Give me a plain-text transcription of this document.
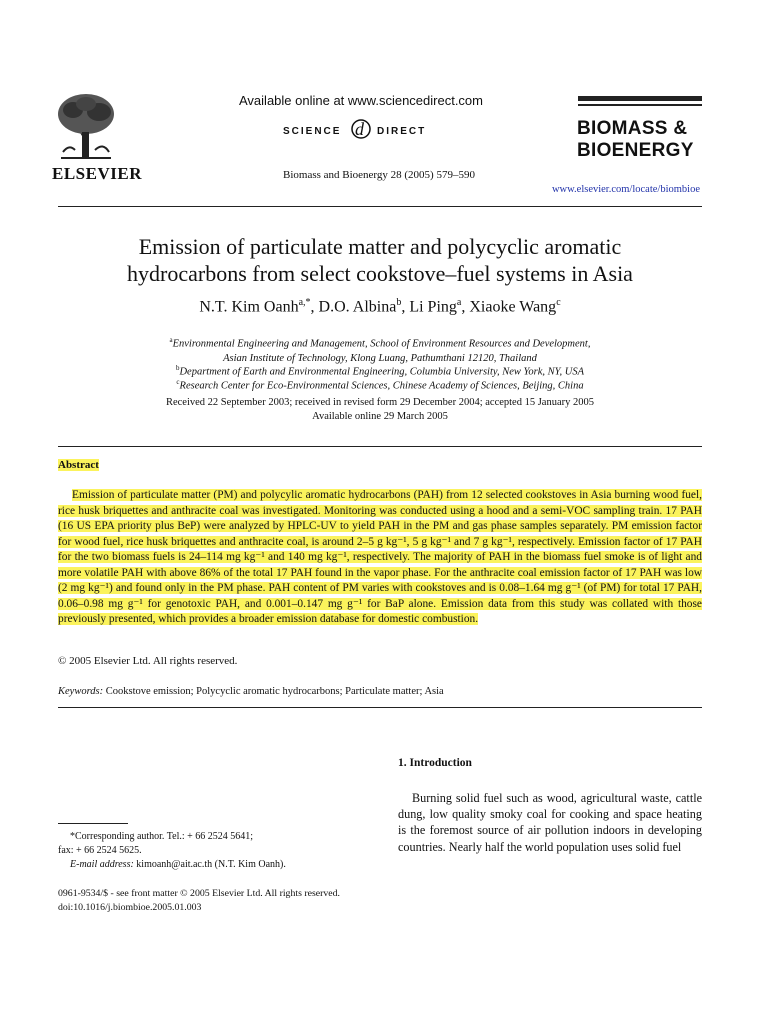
ELSEVIER
Available online at www.sciencedirect.com
SCIENCE d DIRECT
Biomass and Bioenergy 28 (2005) 579–590
BIOMASS &
BIOENERGY
www.elsevier.com/locate/biombioe
Emission of particulate matter and polycyclic aromatic
hydrocarbons from select cookstove–fuel systems in Asia
N.T. Kim Oanh$^{a,*}$, D.O. Albina$^b$, Li Ping$^a$, Xiaoke Wang$^c$
$^a$Environmental Engineering and Management, School of Environment Resources and Development,
Asian Institute of Technology, Klong Luang, Pathumthani 12120, Thailand
$^b$Department of Earth and Environmental Engineering, Columbia University, New York, NY, USA
$^c$Research Center for Eco-Environmental Sciences, Chinese Academy of Sciences, Beijing, China
Received 22 September 2003; received in revised form 29 December 2004; accepted 15 January 2005
Available online 29 March 2005
Abstract

Emission of particulate matter (PM) and polycylic aromatic hydrocarbons (PAH) from 12 selected cookstoves in Asia burning wood fuel, rice husk briquettes and anthracite coal was investigated. Monitoring was conducted using a hood and a semi-VOC sampling train. 17 PAH (16 US EPA priority plus BeP) were analyzed by HPLC-UV to yield PAH in the PM and gas phase samples separately. PM emission factor for wood fuel, rice husk briquettes and anthracite coal, is around 2–5 g kg⁻¹, 5 g kg⁻¹ and 7 g kg⁻¹, respectively. Emission factor of 17 PAH for the two biomass fuels is 24–114 mg kg⁻¹ and 140 mg kg⁻¹, respectively. The majority of PAH in the biomass fuel smoke is of light and more volatile PAH with above 86% of the total 17 PAH found in the vapor phase. For the anthracite coal emission factor of 17 PAH was low (2 mg kg⁻¹) and found only in the PM phase. PAH content of PM varies with cookstoves and is 0.08–1.64 mg g⁻¹ (of PM) for total 17 PAH, 0.06–0.98 mg g⁻¹ for genotoxic PAH, and 0.001–0.147 mg g⁻¹ for BaP alone. Emission data from this study was collated with those previously presented, which provides a broader emission database for domestic combustion.

© 2005 Elsevier Ltd. All rights reserved.
Keywords: Cookstove emission; Polycyclic aromatic hydrocarbons; Particulate matter; Asia
1. Introduction

Burning solid fuel such as wood, agricultural waste, cattle dung, low quality smoky coal for cooking and space heating is the foremost source of air pollution indoors in developing countries. Nearly half the world population uses solid fuel

*Corresponding author. Tel.: + 66 2524 5641;
fax: + 66 2524 5625.
E-mail address: kimoanh@ait.ac.th (N.T. Kim Oanh).
0961-9534/$ - see front matter © 2005 Elsevier Ltd. All rights reserved.
doi:10.1016/j.biombioe.2005.01.003
